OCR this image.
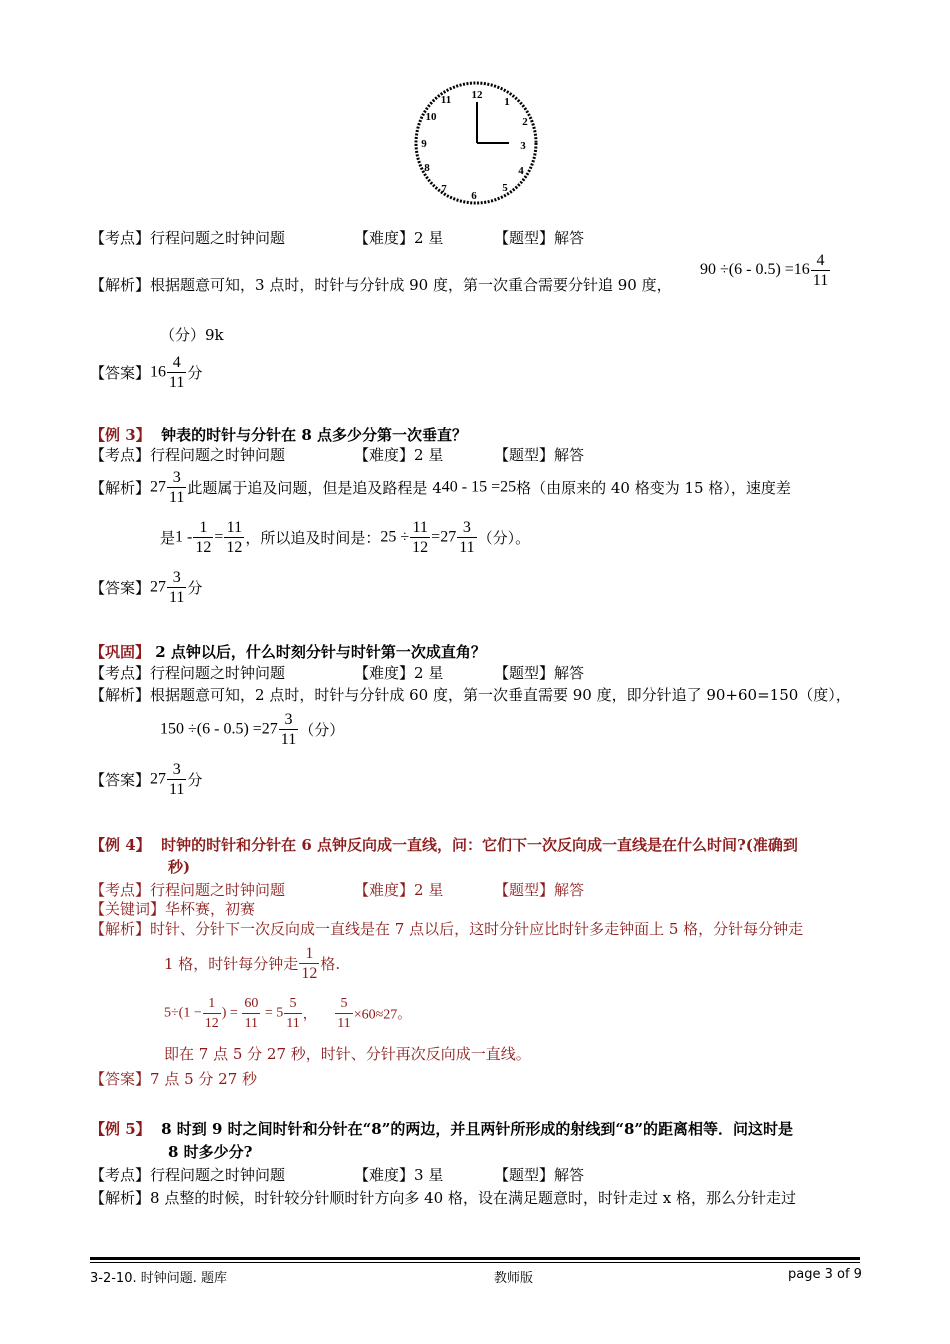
12
1
2
3
4
5
6
7
8
9
10
11
【考点】行程问题之时钟问题	【难度】2 星	【题型】解答
【解析】根据题意可知，3 点时，时针与分针成 90 度，第一次重合需要分针追 90 度，
$90 \div(6 - 0.5) =16 \frac{4}{11}$
（分）9k
【答案】$16 \frac{4}{11}$ 分
【例 3】 钟表的时针与分针在 8 点多少分第一次垂直？
【考点】行程问题之时钟问题	【难度】2 星	【题型】解答
【解析】$27 \frac{3}{11}$ 此题属于追及问题，但是追及路程是 440 - 15 =25格（由原来的 40 格变为 15 格），速度差
是$1 - \frac{1}{12} = \frac{11}{12}$ ，所以追及时间是：$25 \div \frac{11}{12} =27 \frac{3}{11}$ （分）。
【答案】$27 \frac{3}{11}$ 分
【巩固】 2 点钟以后，什么时刻分针与时针第一次成直角？
【考点】行程问题之时钟问题	【难度】2 星	【题型】解答
【解析】根据题意可知，2 点时，时针与分针成 60 度，第一次垂直需要 90 度，即分针追了 90+60=150（度），
$150 \div(6 - 0.5) =27 \frac{3}{11}$ （分）
【答案】$27 \frac{3}{11}$ 分
【例 4】 时钟的时针和分针在 6 点钟反向成一直线，问：它们下一次反向成一直线是在什么时间?(准确到
秒)
【考点】行程问题之时钟问题	【难度】2 星	【题型】解答
【关键词】华杯赛，初赛
【解析】时针、分针下一次反向成一直线是在 7 点以后，这时分针应比时针多走钟面上 5 格，分针每分钟走
1 格，时针每分钟走 $\frac{1}{12}$ 格.
$5\div(1 - \frac{1}{12}$ ) = $\frac{60}{11} = 5 \frac{5}{11}$ ， $\frac{5}{11} \times 60\approx 27$。
即在 7 点 5 分 27 秒，时针、分针再次反向成一直线。
【答案】7 点 5 分 27 秒
【例 5】 8 时到 9 时之间时针和分针在“8”的两边，并且两针所形成的射线到“8”的距离相等．问这时是
8 时多少分?
【考点】行程问题之时钟问题	【难度】3 星	【题型】解答
【解析】8 点整的时候，时针较分针顺时针方向多 40 格，设在满足题意时，时针走过 x 格，那么分针走过
3-2-10. 时钟问题. 题库	教师版	page 3 of 9
